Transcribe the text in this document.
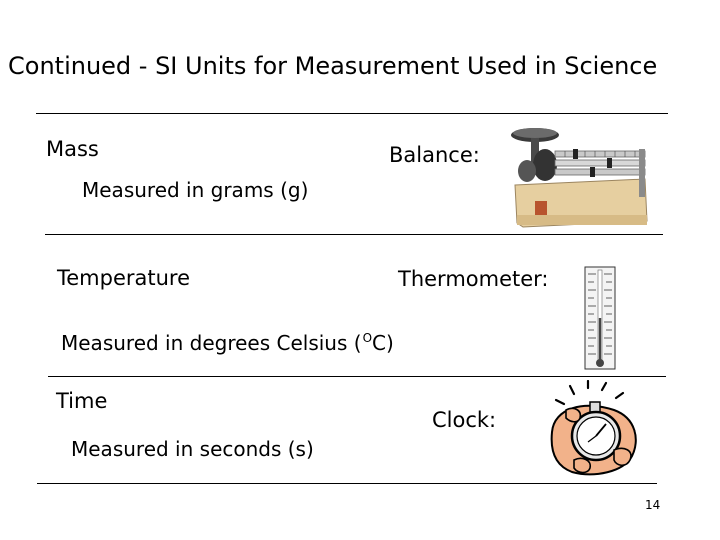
Continued - SI Units for Measurement Used in Science
Mass	Balance:
Measured in grams (g)
Temperature	Thermometer:
Measured in degrees Celsius ($^O$C)
Time
Clock:
Measured in seconds (s)
14
